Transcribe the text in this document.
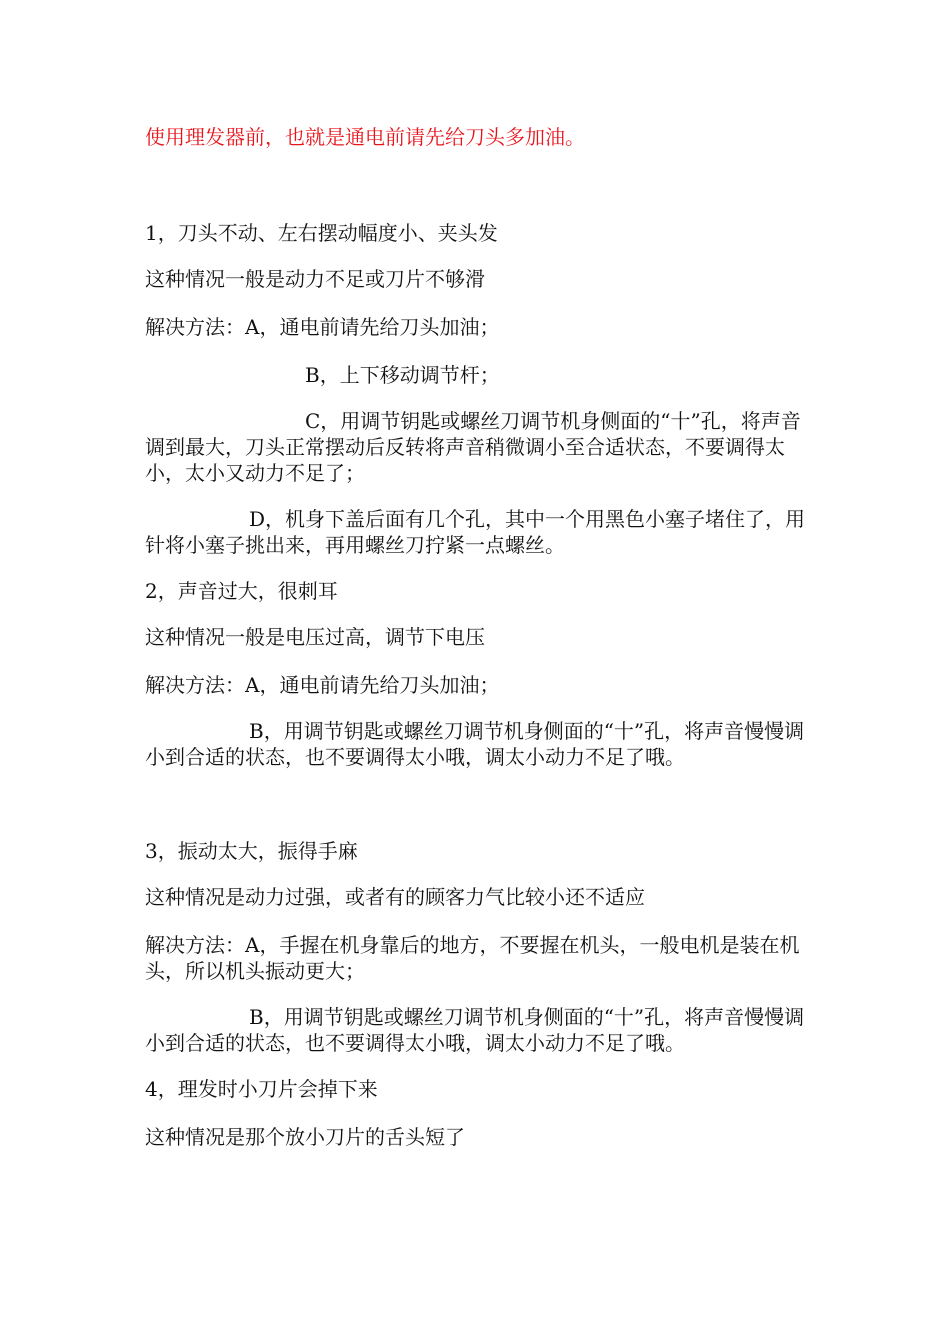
使用理发器前，也就是通电前请先给刀头多加油。
1，刀头不动、左右摆动幅度小、夹头发
这种情况一般是动力不足或刀片不够滑
解决方法：A，通电前请先给刀头加油；
B，上下移动调节杆；
C，用调节钥匙或螺丝刀调节机身侧面的“十”孔，将声音调到最大，刀头正常摆动后反转将声音稍微调小至合适状态，不要调得太小，太小又动力不足了；
D，机身下盖后面有几个孔，其中一个用黑色小塞子堵住了，用针将小塞子挑出来，再用螺丝刀拧紧一点螺丝。
2，声音过大，很刺耳
这种情况一般是电压过高，调节下电压
解决方法：A，通电前请先给刀头加油；
B，用调节钥匙或螺丝刀调节机身侧面的“十”孔，将声音慢慢调小到合适的状态，也不要调得太小哦，调太小动力不足了哦。
3，振动太大，振得手麻
这种情况是动力过强，或者有的顾客力气比较小还不适应
解决方法：A，手握在机身靠后的地方，不要握在机头，一般电机是装在机头，所以机头振动更大；
B，用调节钥匙或螺丝刀调节机身侧面的“十”孔，将声音慢慢调小到合适的状态，也不要调得太小哦，调太小动力不足了哦。
4，理发时小刀片会掉下来
这种情况是那个放小刀片的舌头短了
